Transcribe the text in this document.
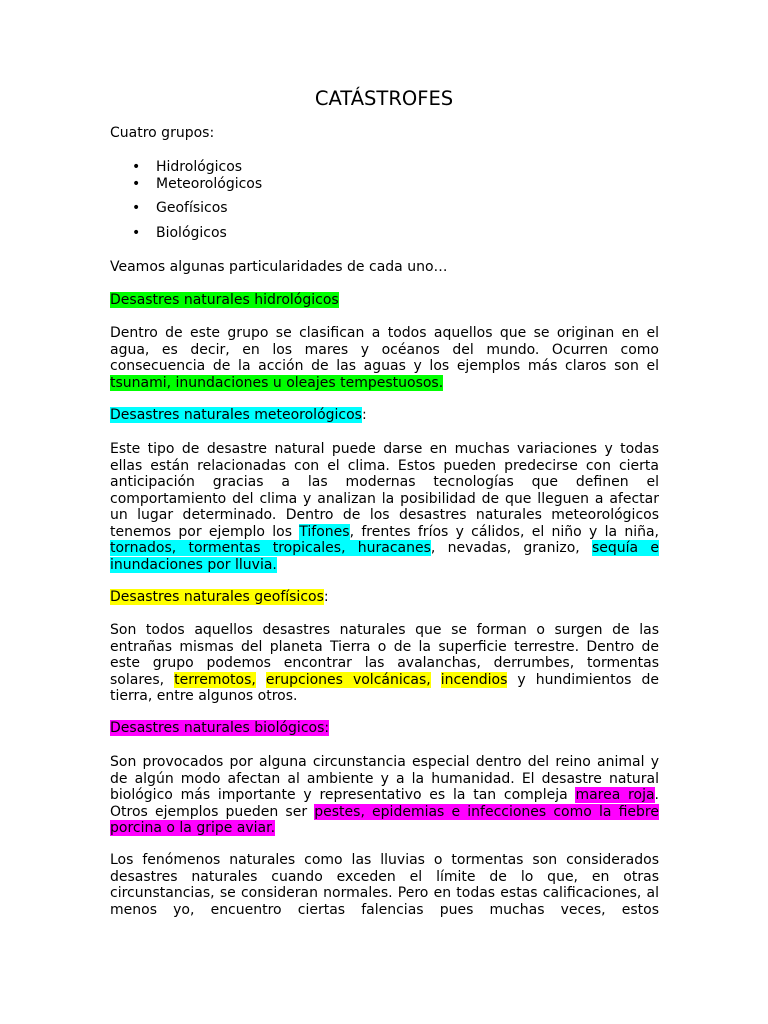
CATÁSTROFES
Cuatro grupos:
• Hidrológicos
• Meteorológicos
• Geofísicos
• Biológicos
Veamos algunas particularidades de cada uno…
Desastres naturales hidrológicos
Dentro de este grupo se clasifican a todos aquellos que se originan en el agua, es decir, en los mares y océanos del mundo. Ocurren como consecuencia de la acción de las aguas y los ejemplos más claros son el tsunami, inundaciones u oleajes tempestuosos.
Desastres naturales meteorológicos:
Este tipo de desastre natural puede darse en muchas variaciones y todas ellas están relacionadas con el clima. Estos pueden predecirse con cierta anticipación gracias a las modernas tecnologías que definen el comportamiento del clima y analizan la posibilidad de que lleguen a afectar un lugar determinado. Dentro de los desastres naturales meteorológicos tenemos por ejemplo los Tifones, frentes fríos y cálidos, el niño y la niña, tornados, tormentas tropicales, huracanes, nevadas, granizo, sequía e inundaciones por lluvia.
Desastres naturales geofísicos:
Son todos aquellos desastres naturales que se forman o surgen de las entrañas mismas del planeta Tierra o de la superficie terrestre. Dentro de este grupo podemos encontrar las avalanchas, derrumbes, tormentas solares, terremotos, erupciones volcánicas, incendios y hundimientos de tierra, entre algunos otros.
Desastres naturales biológicos:
Son provocados por alguna circunstancia especial dentro del reino animal y de algún modo afectan al ambiente y a la humanidad. El desastre natural biológico más importante y representativo es la tan compleja marea roja. Otros ejemplos pueden ser pestes, epidemias e infecciones como la fiebre porcina o la gripe aviar.
Los fenómenos naturales como las lluvias o tormentas son considerados desastres naturales cuando exceden el límite de lo que, en otras circunstancias, se consideran normales. Pero en todas estas calificaciones, al menos yo, encuentro ciertas falencias pues muchas veces, estos
